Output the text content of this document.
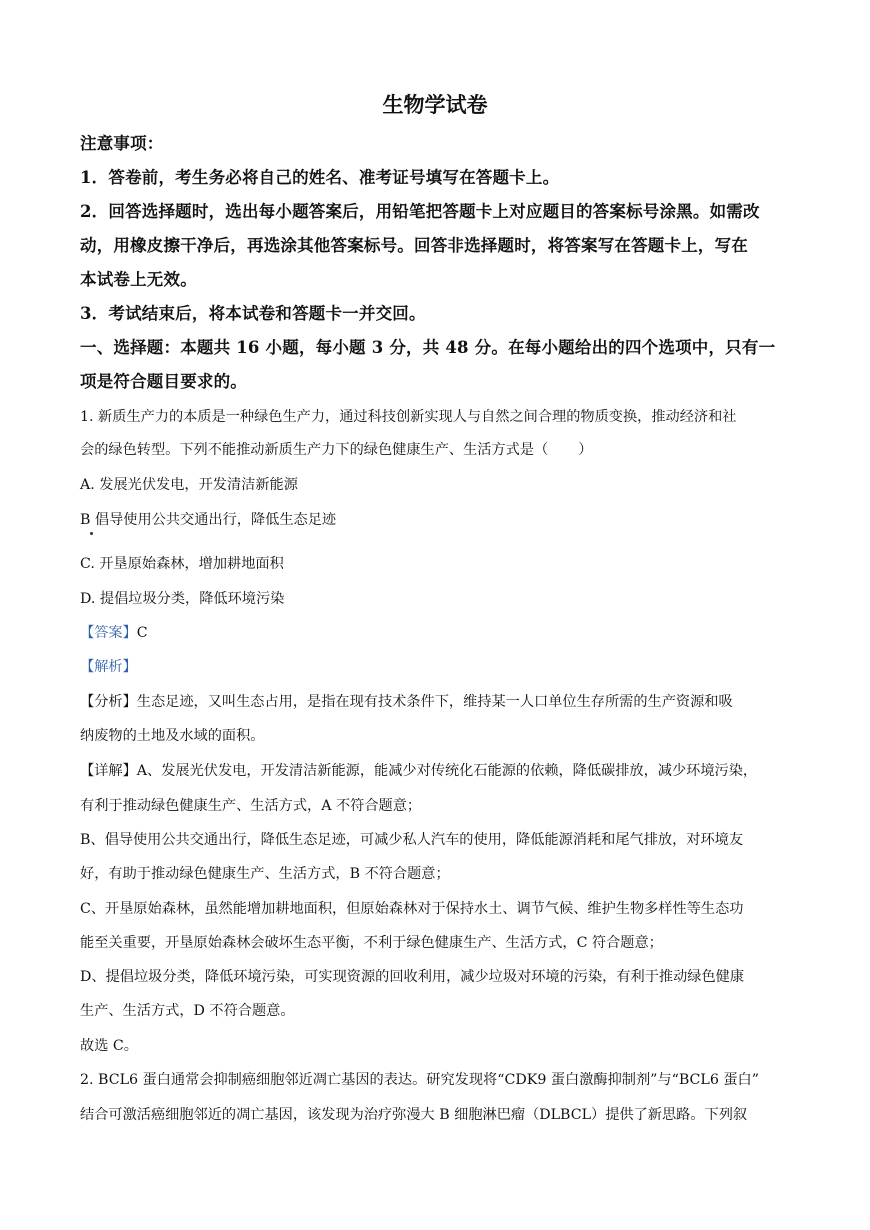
生物学试卷
注意事项：
1．答卷前，考生务必将自己的姓名、准考证号填写在答题卡上。
2．回答选择题时，选出每小题答案后，用铅笔把答题卡上对应题目的答案标号涂黑。如需改
动，用橡皮擦干净后，再选涂其他答案标号。回答非选择题时，将答案写在答题卡上，写在
本试卷上无效。
3．考试结束后，将本试卷和答题卡一并交回。
一、选择题：本题共 16 小题，每小题 3 分，共 48 分。在每小题给出的四个选项中，只有一
项是符合题目要求的。
1. 新质生产力的本质是一种绿色生产力，通过科技创新实现人与自然之间合理的物质变换，推动经济和社
会的绿色转型。下列不能推动新质生产力下的绿色健康生产、生活方式是（ ）
A. 发展光伏发电，开发清洁新能源
B 倡导使用公共交通出行，降低生态足迹
C. 开垦原始森林，增加耕地面积
D. 提倡垃圾分类，降低环境污染
【答案】C
【解析】
【分析】生态足迹，又叫生态占用，是指在现有技术条件下，维持某一人口单位生存所需的生产资源和吸
纳废物的土地及水域的面积。
【详解】A、发展光伏发电，开发清洁新能源，能减少对传统化石能源的依赖，降低碳排放，减少环境污染，
有利于推动绿色健康生产、生活方式，A 不符合题意；
B、倡导使用公共交通出行，降低生态足迹，可减少私人汽车的使用，降低能源消耗和尾气排放，对环境友
好，有助于推动绿色健康生产、生活方式，B 不符合题意；
C、开垦原始森林，虽然能增加耕地面积，但原始森林对于保持水土、调节气候、维护生物多样性等生态功
能至关重要，开垦原始森林会破坏生态平衡，不利于绿色健康生产、生活方式，C 符合题意；
D、提倡垃圾分类，降低环境污染，可实现资源的回收利用，减少垃圾对环境的污染，有利于推动绿色健康
生产、生活方式，D 不符合题意。
故选 C。
2. BCL6 蛋白通常会抑制癌细胞邻近凋亡基因的表达。研究发现将“CDK9 蛋白激酶抑制剂”与“BCL6 蛋白”
结合可激活癌细胞邻近的凋亡基因，该发现为治疗弥漫大 B 细胞淋巴瘤（DLBCL）提供了新思路。下列叙
